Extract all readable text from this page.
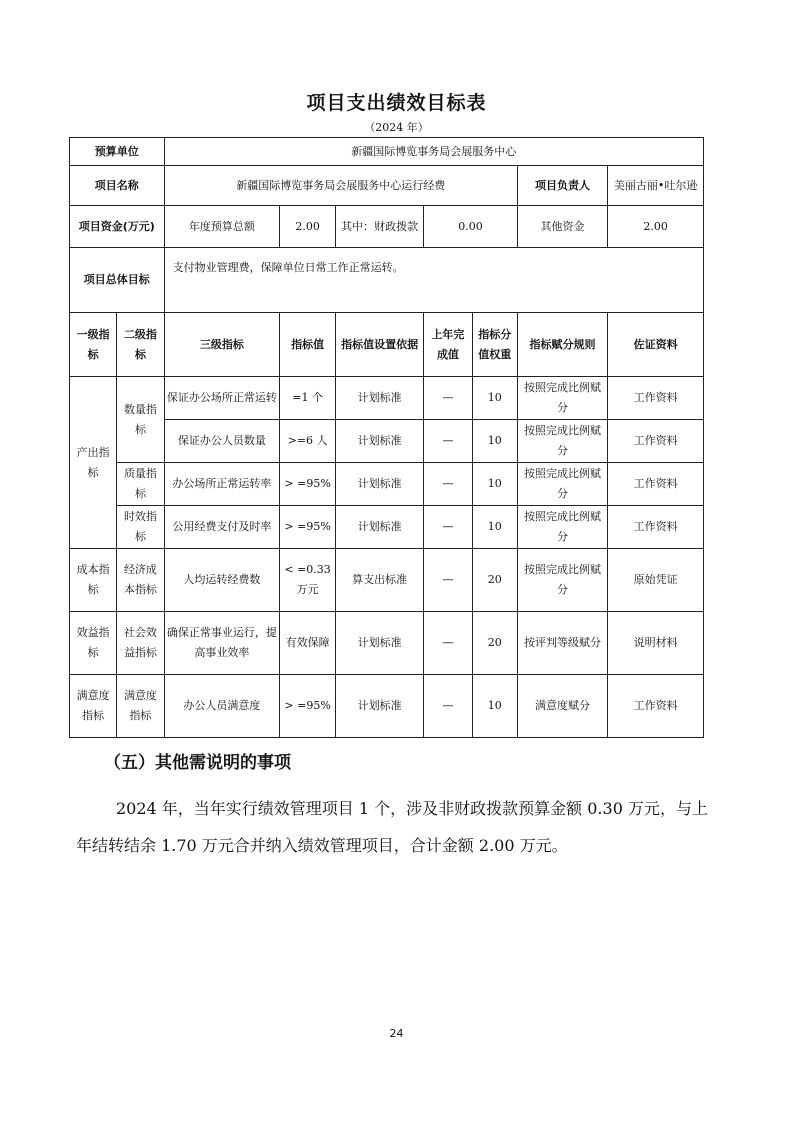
项目支出绩效目标表
（2024 年）
预算单位		新疆国际博览事务局会展服务中心						
项目名称		新疆国际博览事务局会展服务中心运行经费					项目负责人	美丽古丽•吐尔逊
项目资金(万元)		年度预算总额	2.00	其中：财政拨款	0.00		其他资金	2.00
项目总体目标		支付物业管理费，保障单位日常工作正常运转。						
一级指标	二级指标	三级指标	指标值	指标值设置依据	上年完成值	指标分值权重	指标赋分规则	佐证资料
产出指标	数量指标	保证办公场所正常运转	=1 个	计划标准	—	10	按照完成比例赋分	工作资料
		保证办公人员数量	>=6 人	计划标准	—	10	按照完成比例赋分	工作资料
	质量指标	办公场所正常运转率	> =95%	计划标准	—	10	按照完成比例赋分	工作资料
	时效指标	公用经费支付及时率	> =95%	计划标准	—	10	按照完成比例赋分	工作资料
成本指标	经济成本指标	人均运转经费数	< =0.33 万元	算支出标准	—	20	按照完成比例赋分	原始凭证
效益指标	社会效益指标	确保正常事业运行，提高事业效率	有效保障	计划标准	—	20	按评判等级赋分	说明材料
满意度指标	满意度指标	办公人员满意度	> =95%	计划标准	—	10	满意度赋分	工作资料
（五）其他需说明的事项
2024 年，当年实行绩效管理项目 1 个，涉及非财政拨款预算金额 0.30 万元，与上年结转结余 1.70 万元合并纳入绩效管理项目，合计金额 2.00 万元。
24
